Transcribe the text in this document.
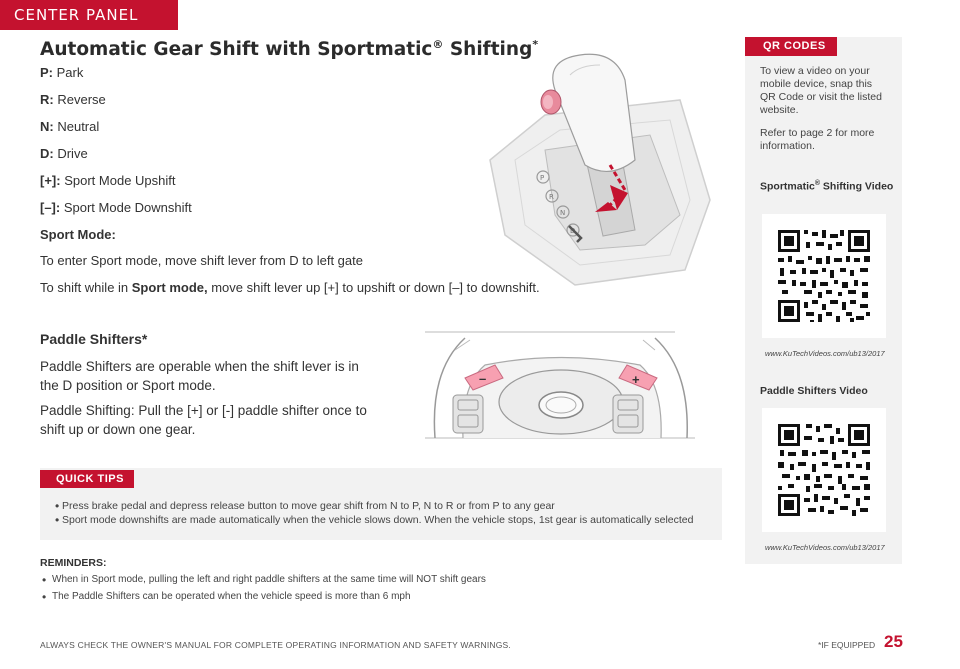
CENTER PANEL
Automatic Gear Shift with Sportmatic® Shifting*
P: Park
R: Reverse
N: Neutral
D: Drive
[+]: Sport Mode Upshift
[–]: Sport Mode Downshift
Sport Mode:
To enter Sport mode, move shift lever from D to left gate
To shift while in Sport mode, move shift lever up [+] to upshift or down [–] to downshift.
P
R
N
D
Paddle Shifters*
Paddle Shifters are operable when the shift lever is in the D position or Sport mode.
Paddle Shifting: Pull the [+] or [-] paddle shifter once to shift up or down one gear.
–	+
QUICK TIPS
• Press brake pedal and depress release button to move gear shift from N to P, N to R or from P to any gear
• Sport mode downshifts are made automatically when the vehicle slows down. When the vehicle stops, 1st gear is automatically selected
REMINDERS:
• When in Sport mode, pulling the left and right paddle shifters at the same time will NOT shift gears
• The Paddle Shifters can be operated when the vehicle speed is more than 6 mph
QR CODES
To view a video on your mobile device, snap this QR Code or visit the listed website.
Refer to page 2 for more information.
Sportmatic® Shifting Video
www.KuTechVideos.com/ub13/2017
Paddle Shifters Video
www.KuTechVideos.com/ub13/2017
ALWAYS CHECK THE OWNER'S MANUAL FOR COMPLETE OPERATING INFORMATION AND SAFETY WARNINGS.	*IF EQUIPPED 25
